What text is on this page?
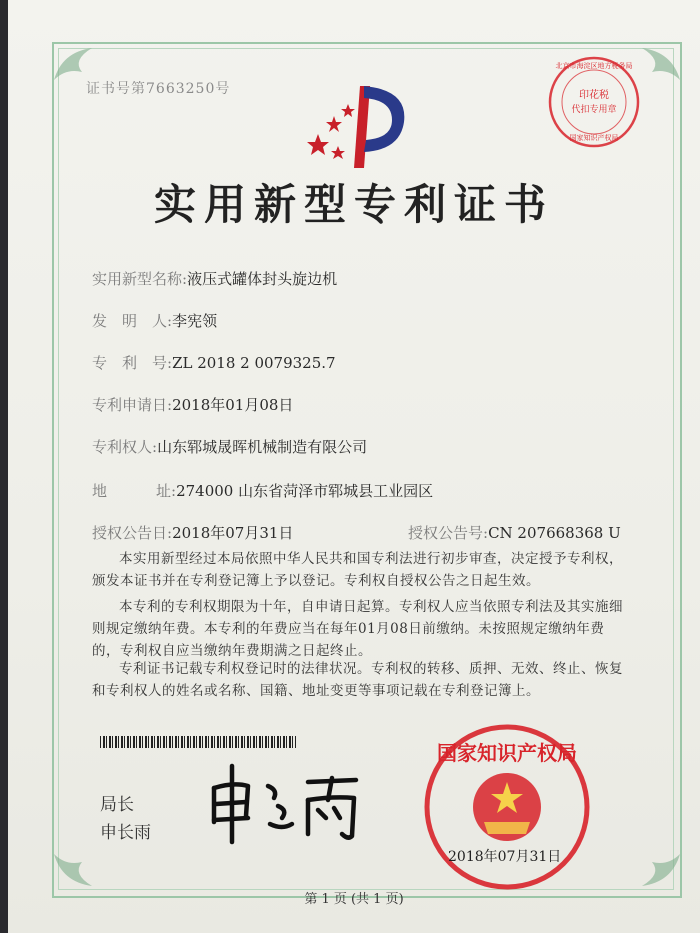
证书号第7663250号	印花税
代扣专用章
北京市海淀区地方税务局
国家知识产权局
实用新型专利证书
实用新型名称:液压式罐体封头旋边机
发　明　人:李宪领
专　利　号:ZL 2018 2 0079325.7
专利申请日:2018年01月08日
专利权人:山东郓城晟晖机械制造有限公司
地	址:274000 山东省菏泽市郓城县工业园区
授权公告日:2018年07月31日	授权公告号:CN 207668368 U
本实用新型经过本局依照中华人民共和国专利法进行初步审查，决定授予专利权，颁发本证书并在专利登记簿上予以登记。专利权自授权公告之日起生效。
本专利的专利权期限为十年，自申请日起算。专利权人应当依照专利法及其实施细则规定缴纳年费。本专利的年费应当在每年01月08日前缴纳。未按照规定缴纳年费的，专利权自应当缴纳年费期满之日起终止。
专利证书记载专利权登记时的法律状况。专利权的转移、质押、无效、终止、恢复和专利权人的姓名或名称、国籍、地址变更等事项记载在专利登记簿上。
局长
申长雨
国家知识产权局
2018年07月31日
第 1 页 (共 1 页)
